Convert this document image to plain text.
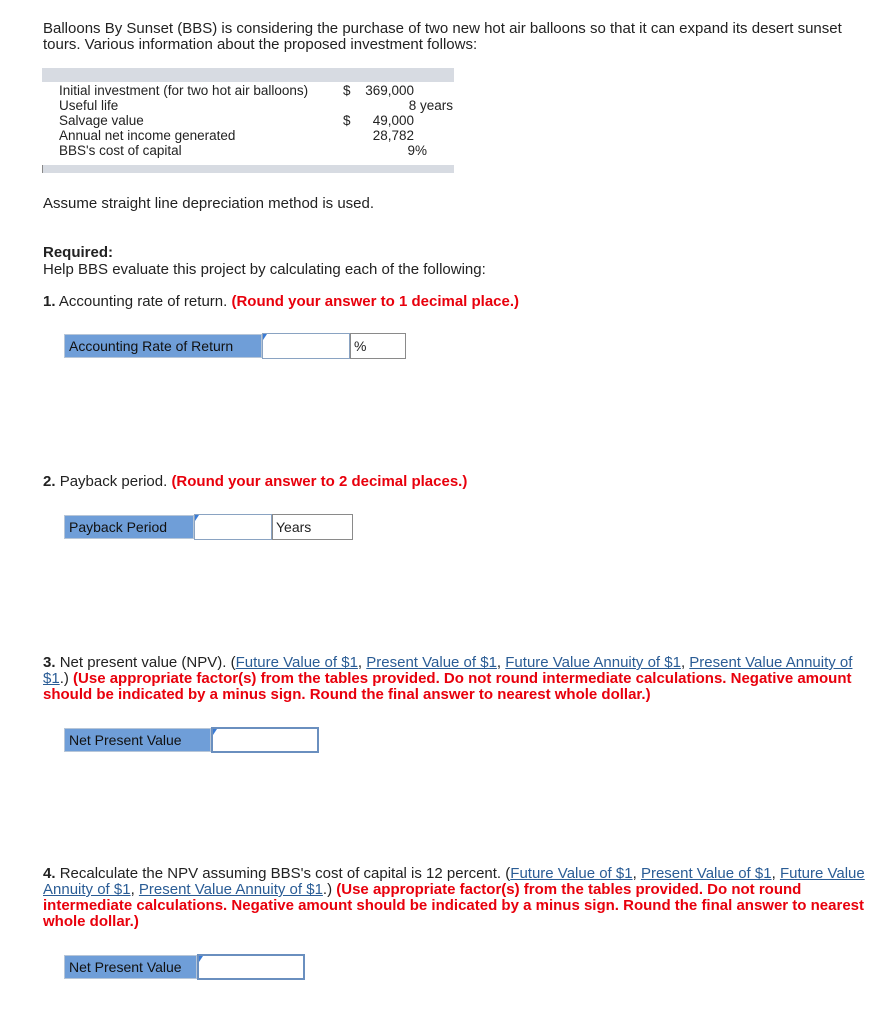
Balloons By Sunset (BBS) is considering the purchase of two new hot air balloons so that it can expand its desert sunset tours. Various information about the proposed investment follows:
Initial investment (for two hot air balloons)	$	369,000
Useful life	8 years
Salvage value	$	49,000
Annual net income generated	28,782
BBS's cost of capital	9%
Assume straight line depreciation method is used.
Required:
Help BBS evaluate this project by calculating each of the following:
1. Accounting rate of return. (Round your answer to 1 decimal place.)
Accounting Rate of Return	%
2. Payback period. (Round your answer to 2 decimal places.)
Payback Period	Years
3. Net present value (NPV). (Future Value of $1, Present Value of $1, Future Value Annuity of $1, Present Value Annuity of $1.) (Use appropriate factor(s) from the tables provided. Do not round intermediate calculations. Negative amount should be indicated by a minus sign. Round the final answer to nearest whole dollar.)
Net Present Value
4. Recalculate the NPV assuming BBS's cost of capital is 12 percent. (Future Value of $1, Present Value of $1, Future Value Annuity of $1, Present Value Annuity of $1.) (Use appropriate factor(s) from the tables provided. Do not round intermediate calculations. Negative amount should be indicated by a minus sign. Round the final answer to nearest whole dollar.)
Net Present Value
